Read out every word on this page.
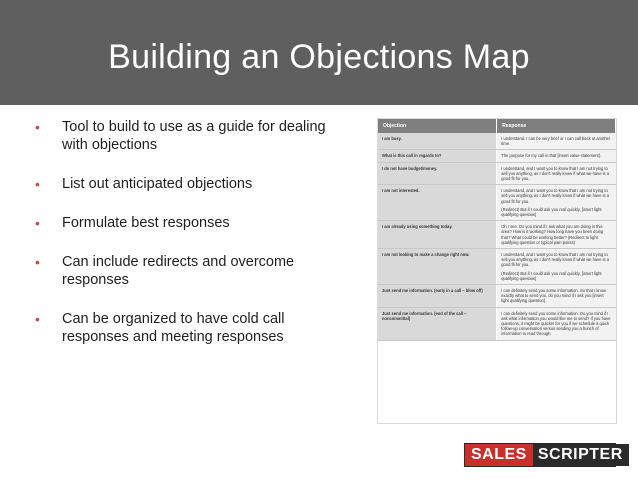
Building an Objections Map
• Tool to build to use as a guide for dealing with objections
• List out anticipated objections
• Formulate best responses
• Can include redirects and overcome responses
• Can be organized to have cold call responses and meeting responses
Objection	Response
I am busy.	I understand. I can be very brief or I can call back at another time.

What is this call in regards to?	The purpose for my call in that [insert value statement].

I do not have budget/money.	I understand, and I want you to know that I am not trying to sell you anything, as I don't really know if what we have is a good fit for you.

I am not interested.	I understand, and I want you to know that I am not trying to sell you anything, as I don't really know if what we have is a good fit for you.

(Redirect) But if I could ask you real quickly, [insert light qualifying question]

I am already using something today.	Oh I see. Do you mind if I ask what you are doing in this area? How is it working? How long have you been doing that? What could be working better? (Redirect to light qualifying question or typical pain points)

I am not looking to make a change right now.	I understand, and I want you to know that I am not trying to sell you anything, as I don't really know if what we have is a good fit for you.

(Redirect) But if I could ask you real quickly, [insert light qualifying question]

Just send me information. (early in a call – blow off)	I can definitely send you some information. So that I know exactly what to send you, do you mind if I ask you [insert light qualifying question].

Just send me information. (end of the call – noncommittal)	I can definitely send you some information. Do you mind if I ask what information you would like me to send? If you have questions, it might be quicker for you if we schedule a quick follow-up conversation versus sending you a bunch of information to read through.

SALES SCRIPTER
